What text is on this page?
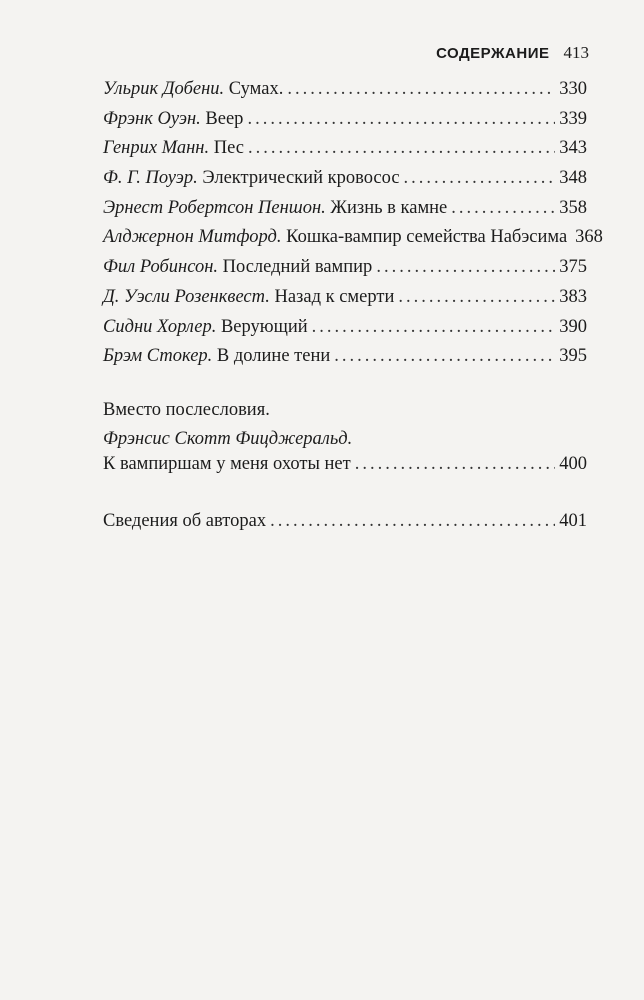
СОДЕРЖАНИЕ 413
Ульрик Добени. Сумах. .....	330
Фрэнк Оуэн. Веер .....	339
Генрих Манн. Пес .....	343
Ф. Г. Поуэр. Электрический кровосос .....	348
Эрнест Робертсон Пеншон. Жизнь в камне .....	358
Алджернон Митфорд. Кошка-вампир семейства Набэсима 368
Фил Робинсон. Последний вампир .....	375
Д. Уэсли Розенквест. Назад к смерти .....	383
Сидни Хорлер. Верующий .....	390
Брэм Стокер. В долине тени .....	395
Вместо послесловия.
Фрэнсис Скотт Фицджеральд.
К вампиршам у меня охоты нет .....	400
Сведения об авторах .....	401
